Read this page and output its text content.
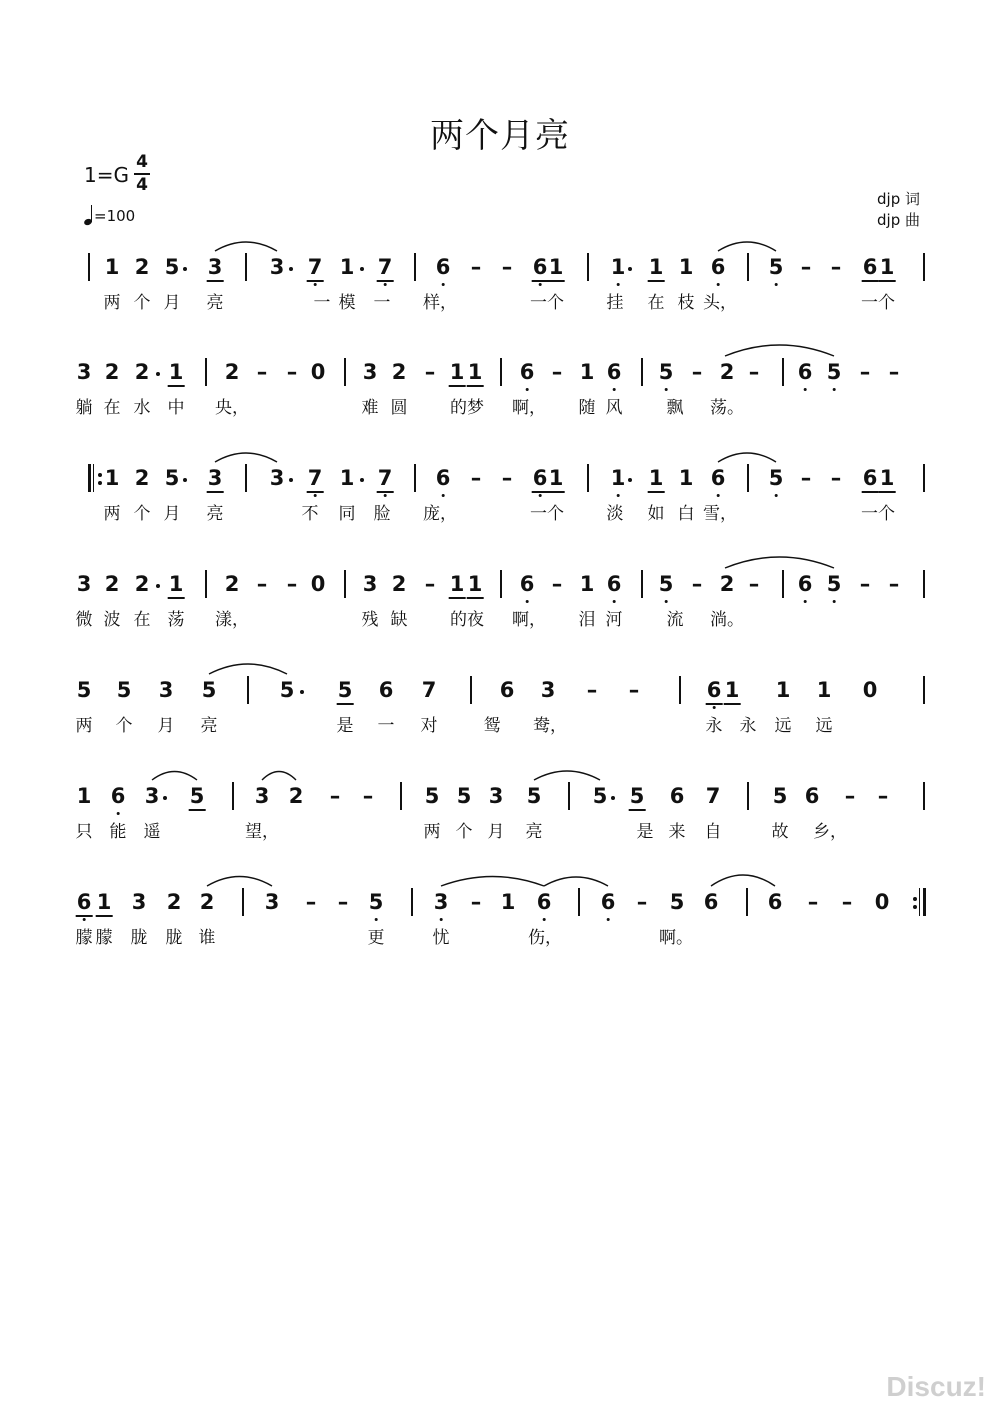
两个月亮
1=G
4
4
=100
djp 词
djp 曲
1 2 5 3 3 7 1 7 6 – – 6 1 1 1 1 6 5 – – 6 1
两 个 月 亮	一 模 一 样，	一个	挂 在 枝 头，	一个
3 2 2 1 2 – – 0 3 2 – 1 1 6 – 1 6 5 – 2 – 6 5 – –
躺 在 水 中 央，	难 圆	的梦 啊， 随 风	飘 荡。
1 2 5 3 3 7 1 7 6 – – 6 1 1 1 1 6 5 – – 6 1
两 个 月 亮	不 同 脸 庞，	一个	淡 如 白 雪，	一个
3 2 2 1 2 – – 0 3 2 – 1 1 6 – 1 6 5 – 2 – 6 5 – –
微 波 在 荡 漾，	残 缺	的夜 啊， 泪 河	流 淌。
5 5 3 5	5 5 6 7	6 3 – –	6 1 1 1 0
两 个 月 亮	是 一 对	鸳 鸯，	永 永 远 远
1 6 3 5 3 2 – – 5 5 3 5 5 5 6 7 5 6 – –
只 能 遥	望，	两 个 月 亮	是 来 自	故 乡，
6 1 3 2 2 3 – – 5 3 – 1 6 6 – 5 6 6 – – 0
朦 朦 胧 胧 谁	更	忧	伤，	啊。
Discuz!
